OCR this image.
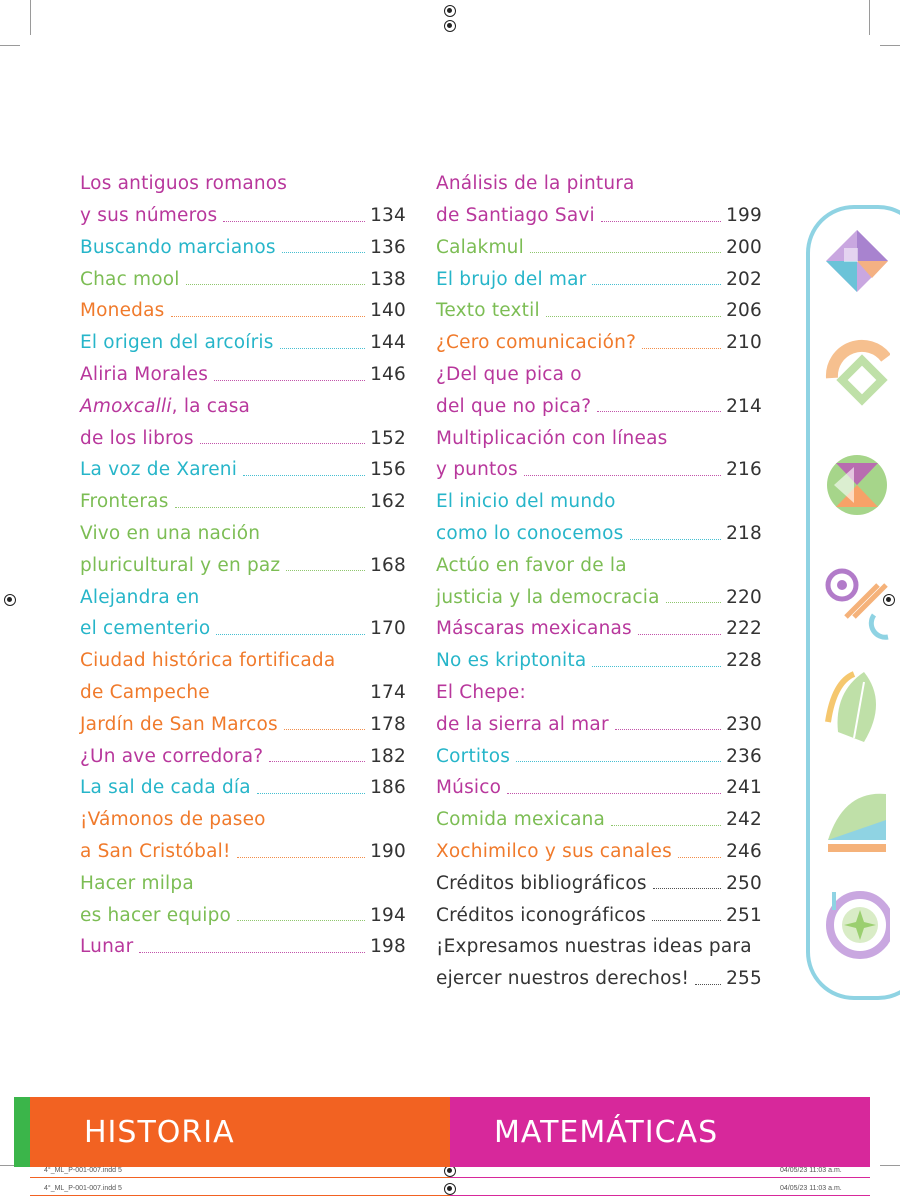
Los antiguos romanos
y sus números	134
Buscando marcianos	136
Chac mool	138
Monedas	140
El origen del arcoíris	144
Aliria Morales	146
Amoxcalli, la casa
de los libros	152
La voz de Xareni	156
Fronteras	162
Vivo en una nación
pluricultural y en paz	168
Alejandra en
el cementerio	170
Ciudad histórica fortificada
de Campeche	174
Jardín de San Marcos	178
¿Un ave corredora?	182
La sal de cada día	186
¡Vámonos de paseo
a San Cristóbal!	190
Hacer milpa
es hacer equipo	194
Lunar	198
Análisis de la pintura
de Santiago Savi	199
Calakmul	200
El brujo del mar	202
Texto textil	206
¿Cero comunicación?	210
¿Del que pica o
del que no pica?	214
Multiplicación con líneas
y puntos	216
El inicio del mundo
como lo conocemos	218
Actúo en favor de la
justicia y la democracia	220
Máscaras mexicanas	222
No es kriptonita	228
El Chepe:
de la sierra al mar	230
Cortitos	236
Músico	241
Comida mexicana	242
Xochimilco y sus canales	246
Créditos bibliográficos	250
Créditos iconográficos	251
¡Expresamos nuestras ideas para
ejercer nuestros derechos! 255
HISTORIA	MATEMÁTICAS
4°_ML_P-001-007.indd 5	04/05/23 11:03 a.m.
4°_ML_P-001-007.indd 5	04/05/23 11:03 a.m.
